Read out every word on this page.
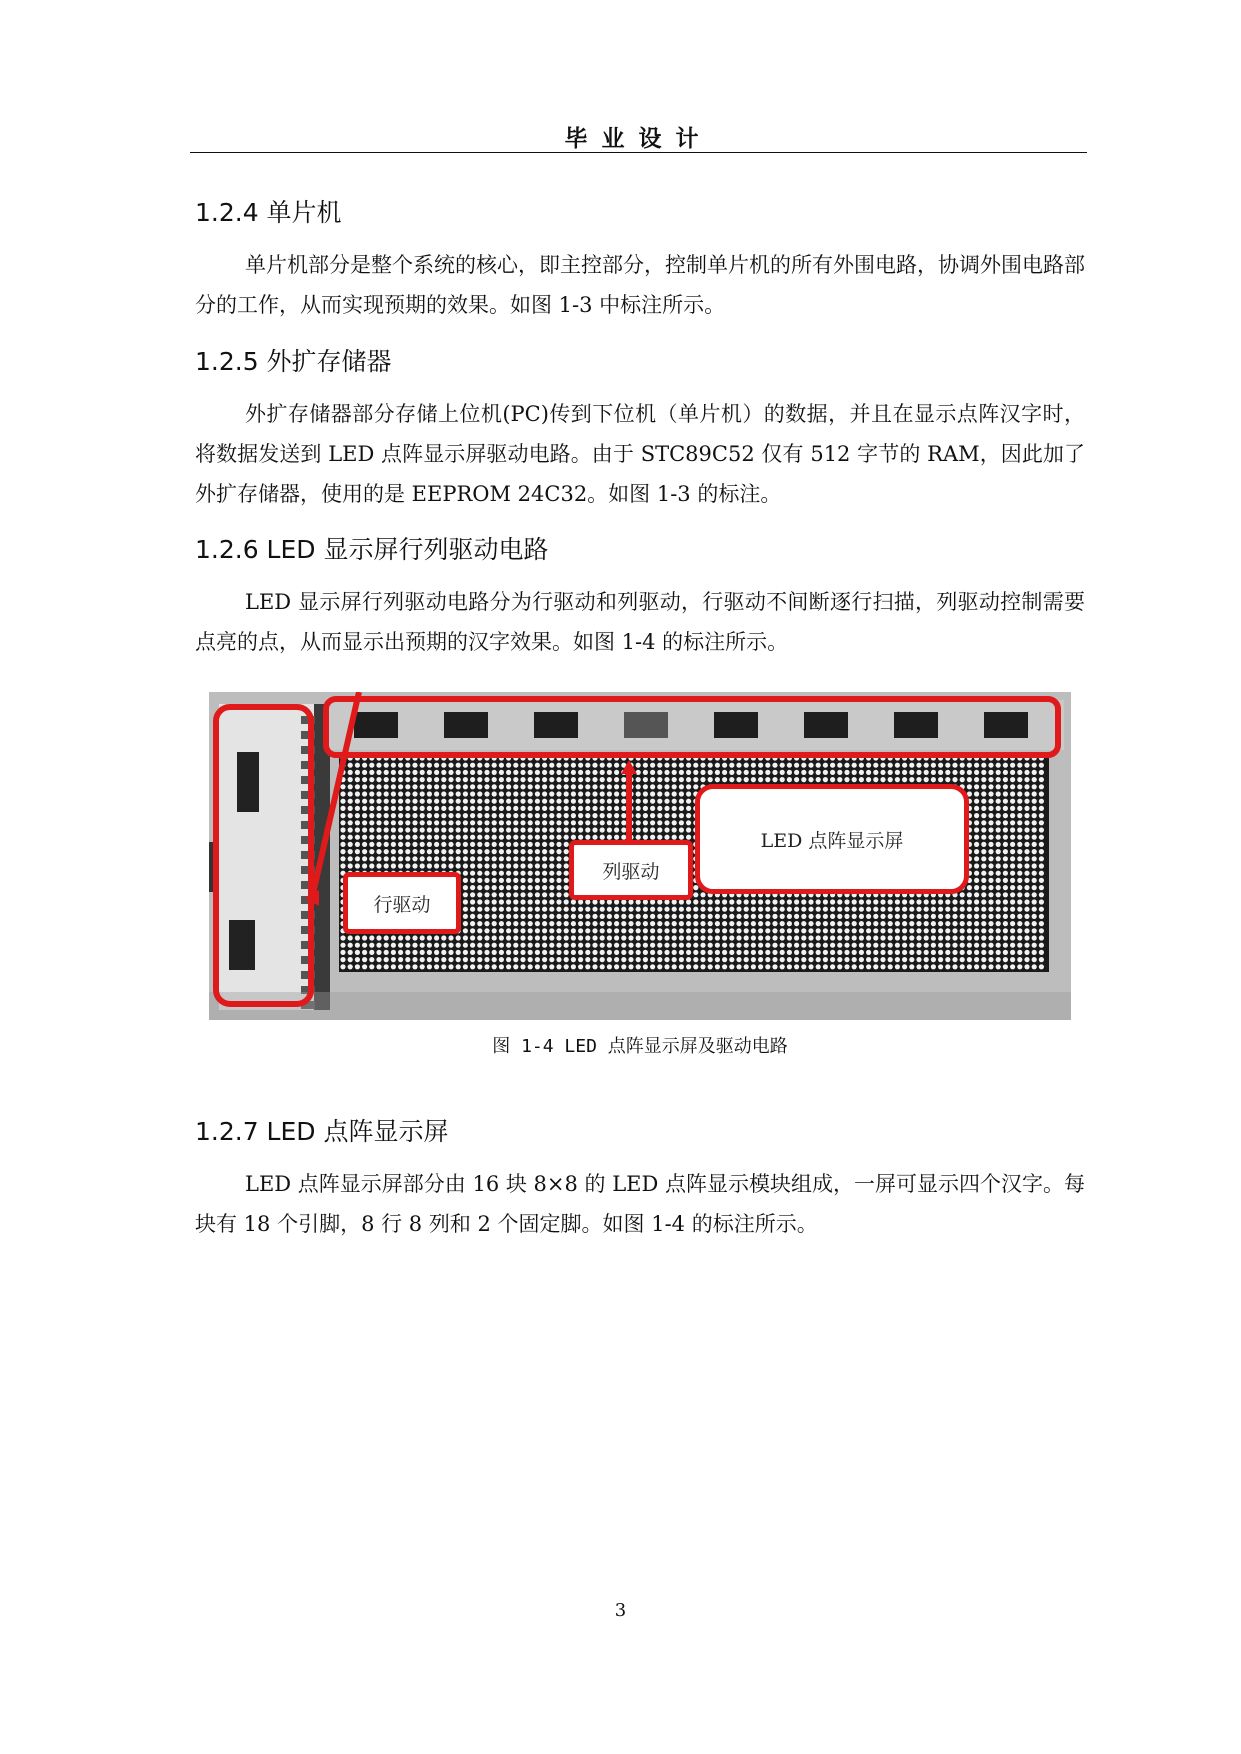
毕业设计
1.2.4 单片机

单片机部分是整个系统的核心，即主控部分，控制单片机的所有外围电路，协调外围电路部分的工作，从而实现预期的效果。如图 1-3 中标注所示。

1.2.5 外扩存储器

外扩存储器部分存储上位机(PC)传到下位机（单片机）的数据，并且在显示点阵汉字时，将数据发送到 LED 点阵显示屏驱动电路。由于 STC89C52 仅有 512 字节的 RAM，因此加了外扩存储器，使用的是 EEPROM 24C32。如图 1-3 的标注。

1.2.6 LED 显示屏行列驱动电路

LED 显示屏行列驱动电路分为行驱动和列驱动，行驱动不间断逐行扫描，列驱动控制需要点亮的点，从而显示出预期的汉字效果。如图 1-4 的标注所示。

行驱动
列驱动
LED 点阵显示屏
图 1-4 LED 点阵显示屏及驱动电路
1.2.7 LED 点阵显示屏

LED 点阵显示屏部分由 16 块 8×8 的 LED 点阵显示模块组成，一屏可显示四个汉字。每块有 18 个引脚，8 行 8 列和 2 个固定脚。如图 1-4 的标注所示。

3
